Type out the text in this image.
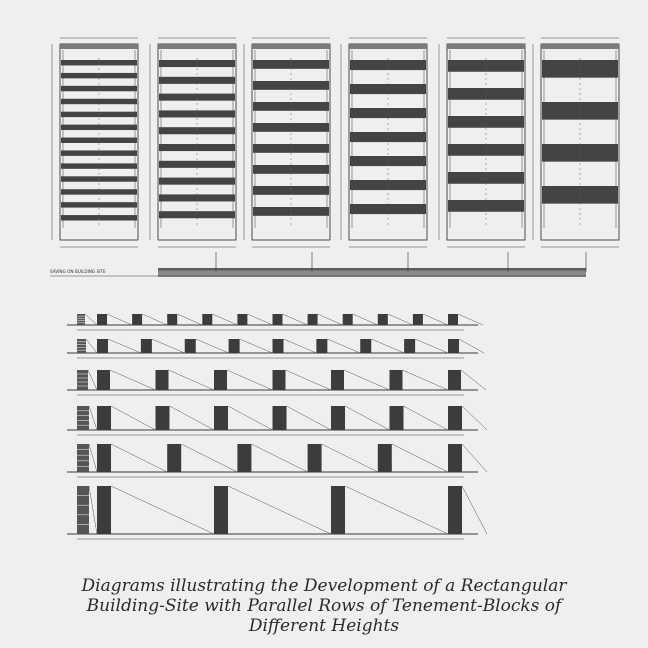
SAVING ON BUILDING SITE
Diagrams illustrating the Development of a Rectangular
Building-Site with Parallel Rows of Tenement-Blocks of
Different Heights
